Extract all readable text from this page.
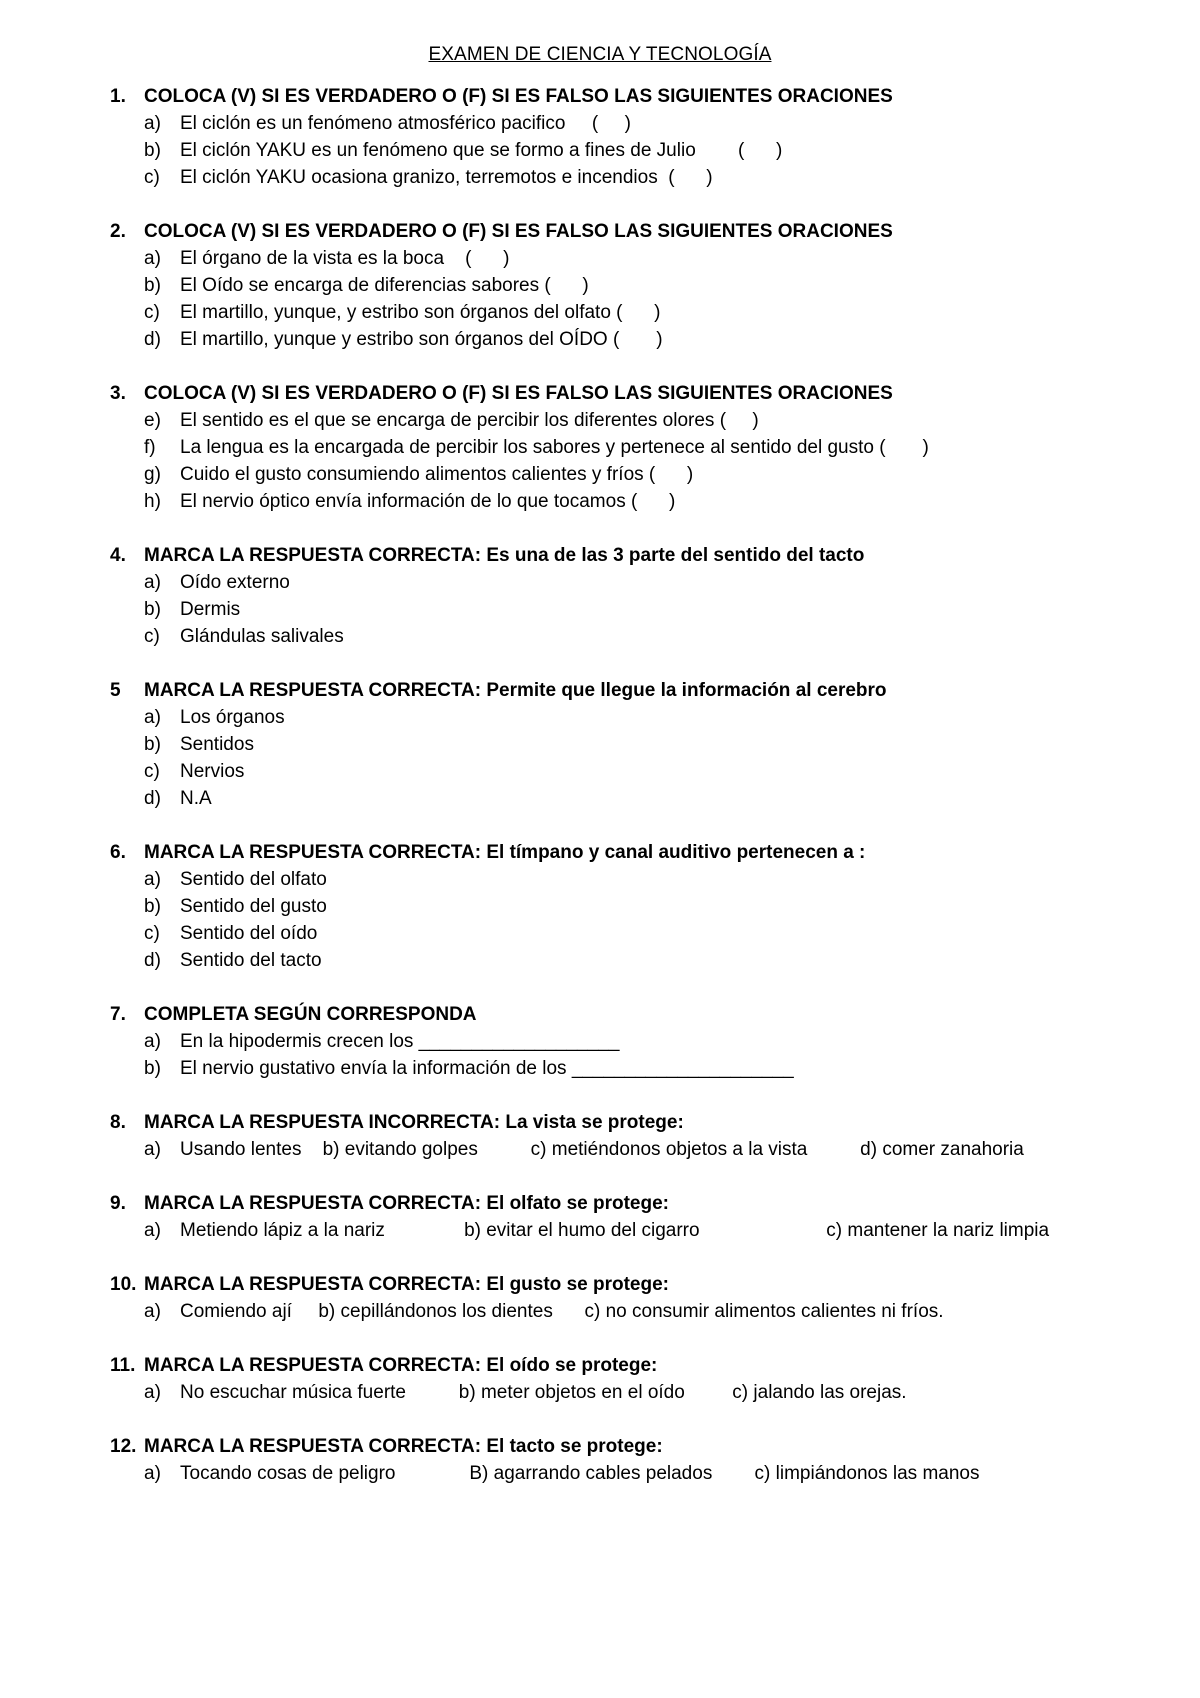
EXAMEN DE CIENCIA Y TECNOLOGÍA
1. COLOCA (V) SI ES VERDADERO O (F) SI ES FALSO LAS SIGUIENTES ORACIONES
a) El ciclón es un fenómeno atmosférico pacifico     (     )
b) El ciclón YAKU es un fenómeno que se formo a fines de Julio        (      )
c) El ciclón YAKU ocasiona granizo, terremotos e incendios  (      )
2. COLOCA (V) SI ES VERDADERO O (F) SI ES FALSO LAS SIGUIENTES ORACIONES
a) El órgano de la vista es la boca    (      )
b) El Oído se encarga de diferencias sabores (      )
c) El martillo, yunque, y estribo son órganos del olfato (      )
d) El martillo, yunque y estribo son órganos del OÍDO (       )
3. COLOCA (V) SI ES VERDADERO O (F) SI ES FALSO LAS SIGUIENTES ORACIONES
e) El sentido es el que se encarga de percibir los diferentes olores (     )
f) La lengua es la encargada de percibir los sabores y pertenece al sentido del gusto (       )
g) Cuido el gusto consumiendo alimentos calientes y fríos (      )
h) El nervio óptico envía información de lo que tocamos (      )
4. MARCA LA RESPUESTA CORRECTA: Es una de las 3 parte del sentido del tacto
a) Oído externo
b) Dermis
c) Glándulas salivales
5 MARCA LA RESPUESTA CORRECTA: Permite que llegue la información al cerebro
a) Los órganos
b) Sentidos
c) Nervios
d) N.A
6. MARCA LA RESPUESTA CORRECTA: El tímpano y canal auditivo pertenecen a :
a) Sentido del olfato
b) Sentido del gusto
c) Sentido del oído
d) Sentido del tacto
7. COMPLETA SEGÚN CORRESPONDA
a) En la hipodermis crecen los ___________________
b) El nervio gustativo envía la información de los _____________________
8. MARCA LA RESPUESTA INCORRECTA: La vista se protege:
a) Usando lentes    b) evitando golpes          c) metiéndonos objetos a la vista          d) comer zanahoria
9. MARCA LA RESPUESTA CORRECTA: El olfato se protege:
a) Metiendo lápiz a la nariz               b) evitar el humo del cigarro                        c) mantener la nariz limpia
10. MARCA LA RESPUESTA CORRECTA: El gusto se protege:
a) Comiendo ají     b) cepillándonos los dientes      c) no consumir alimentos calientes ni fríos.
11. MARCA LA RESPUESTA CORRECTA: El oído se protege:
a) No escuchar música fuerte          b) meter objetos en el oído         c) jalando las orejas.
12. MARCA LA RESPUESTA CORRECTA: El tacto se protege:
a) Tocando cosas de peligro              B) agarrando cables pelados        c) limpiándonos las manos
